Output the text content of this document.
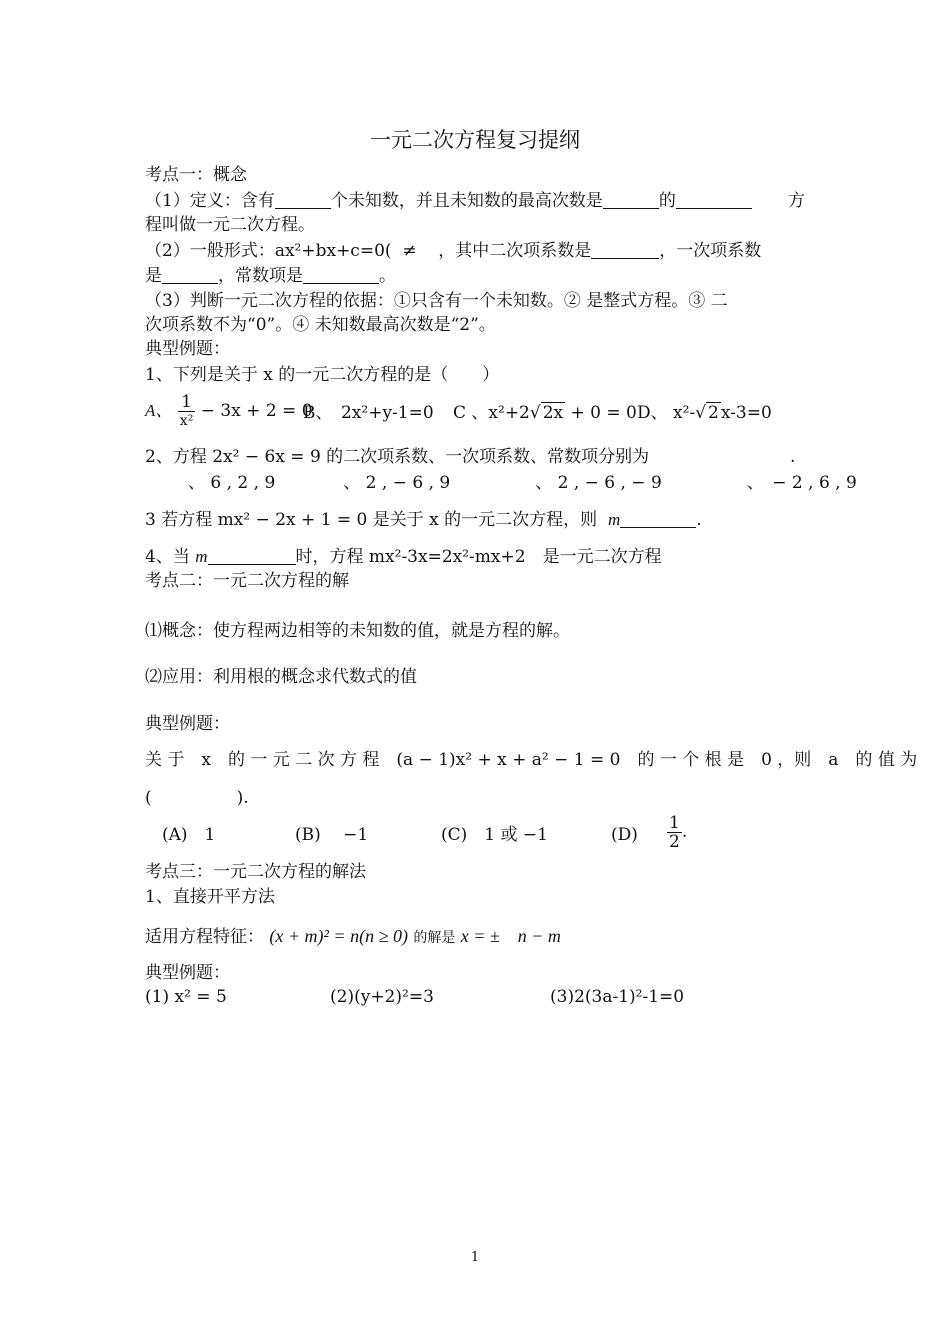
一元二次方程复习提纲
考点一：概念
（1）定义：含有	个未知数，并且未知数的最高次数是	的	方
程叫做一元二次方程。
（2）一般形式：ax²+bx+c=0( ≠ ，其中二次项系数是	，一次项系数
是	，常数项是	。
（3）判断一元二次方程的依据：①只含有一个未知数。② 是整式方程。③ 二
次项系数不为“0”。④ 未知数最高次数是“2”。
典型例题：
1、下列是关于 x 的一元二次方程的是（　　）
A、 $\frac{1}{\text{x²}} - 3x + 2 = 0$
B、　2x²+y-1=0 C 、x²+2√ 2x + 0 = 0 D、 x²-√ 2 x-3=0
2、方程 2x² − 6x = 9 的二次项系数、一次项系数、常数项分别为	.
、 6 , 2 , 9　　　　、 2 , − 6 , 9　　　　　、 2 , − 6 , − 9　　　　　、　− 2 , 6 , 9
3 若方程 mx² − 2x + 1 = 0 是关于 x 的一元二次方程，则 m	.
4、当 m	时，方程 mx²-3x=2x²-mx+2　是一元二次方程
考点二：一元二次方程的解
⑴概念：使方程两边相等的未知数的值，就是方程的解。
⑵应用：利用根的概念求代数式的值
典型例题：
关 于　x　的 一 元 二 次 方 程　(a − 1)x² + x + a² − 1 = 0　的 一 个 根 是　0 ，则　a　的 值 为
(　　　　　).
(A)　1	(B)　 −1	(C)　1 或 −1	$(D) \frac{1}{2}$ .
考点三：一元二次方程的解法
1、直接开平方法
适用方程特征： (x + m)² = n(n ≥ 0) 的解是 x = ±　n − m
典型例题：
(1) x² = 5	(2)(y+2)²=3	(3)2(3a-1)²-1=0
1
